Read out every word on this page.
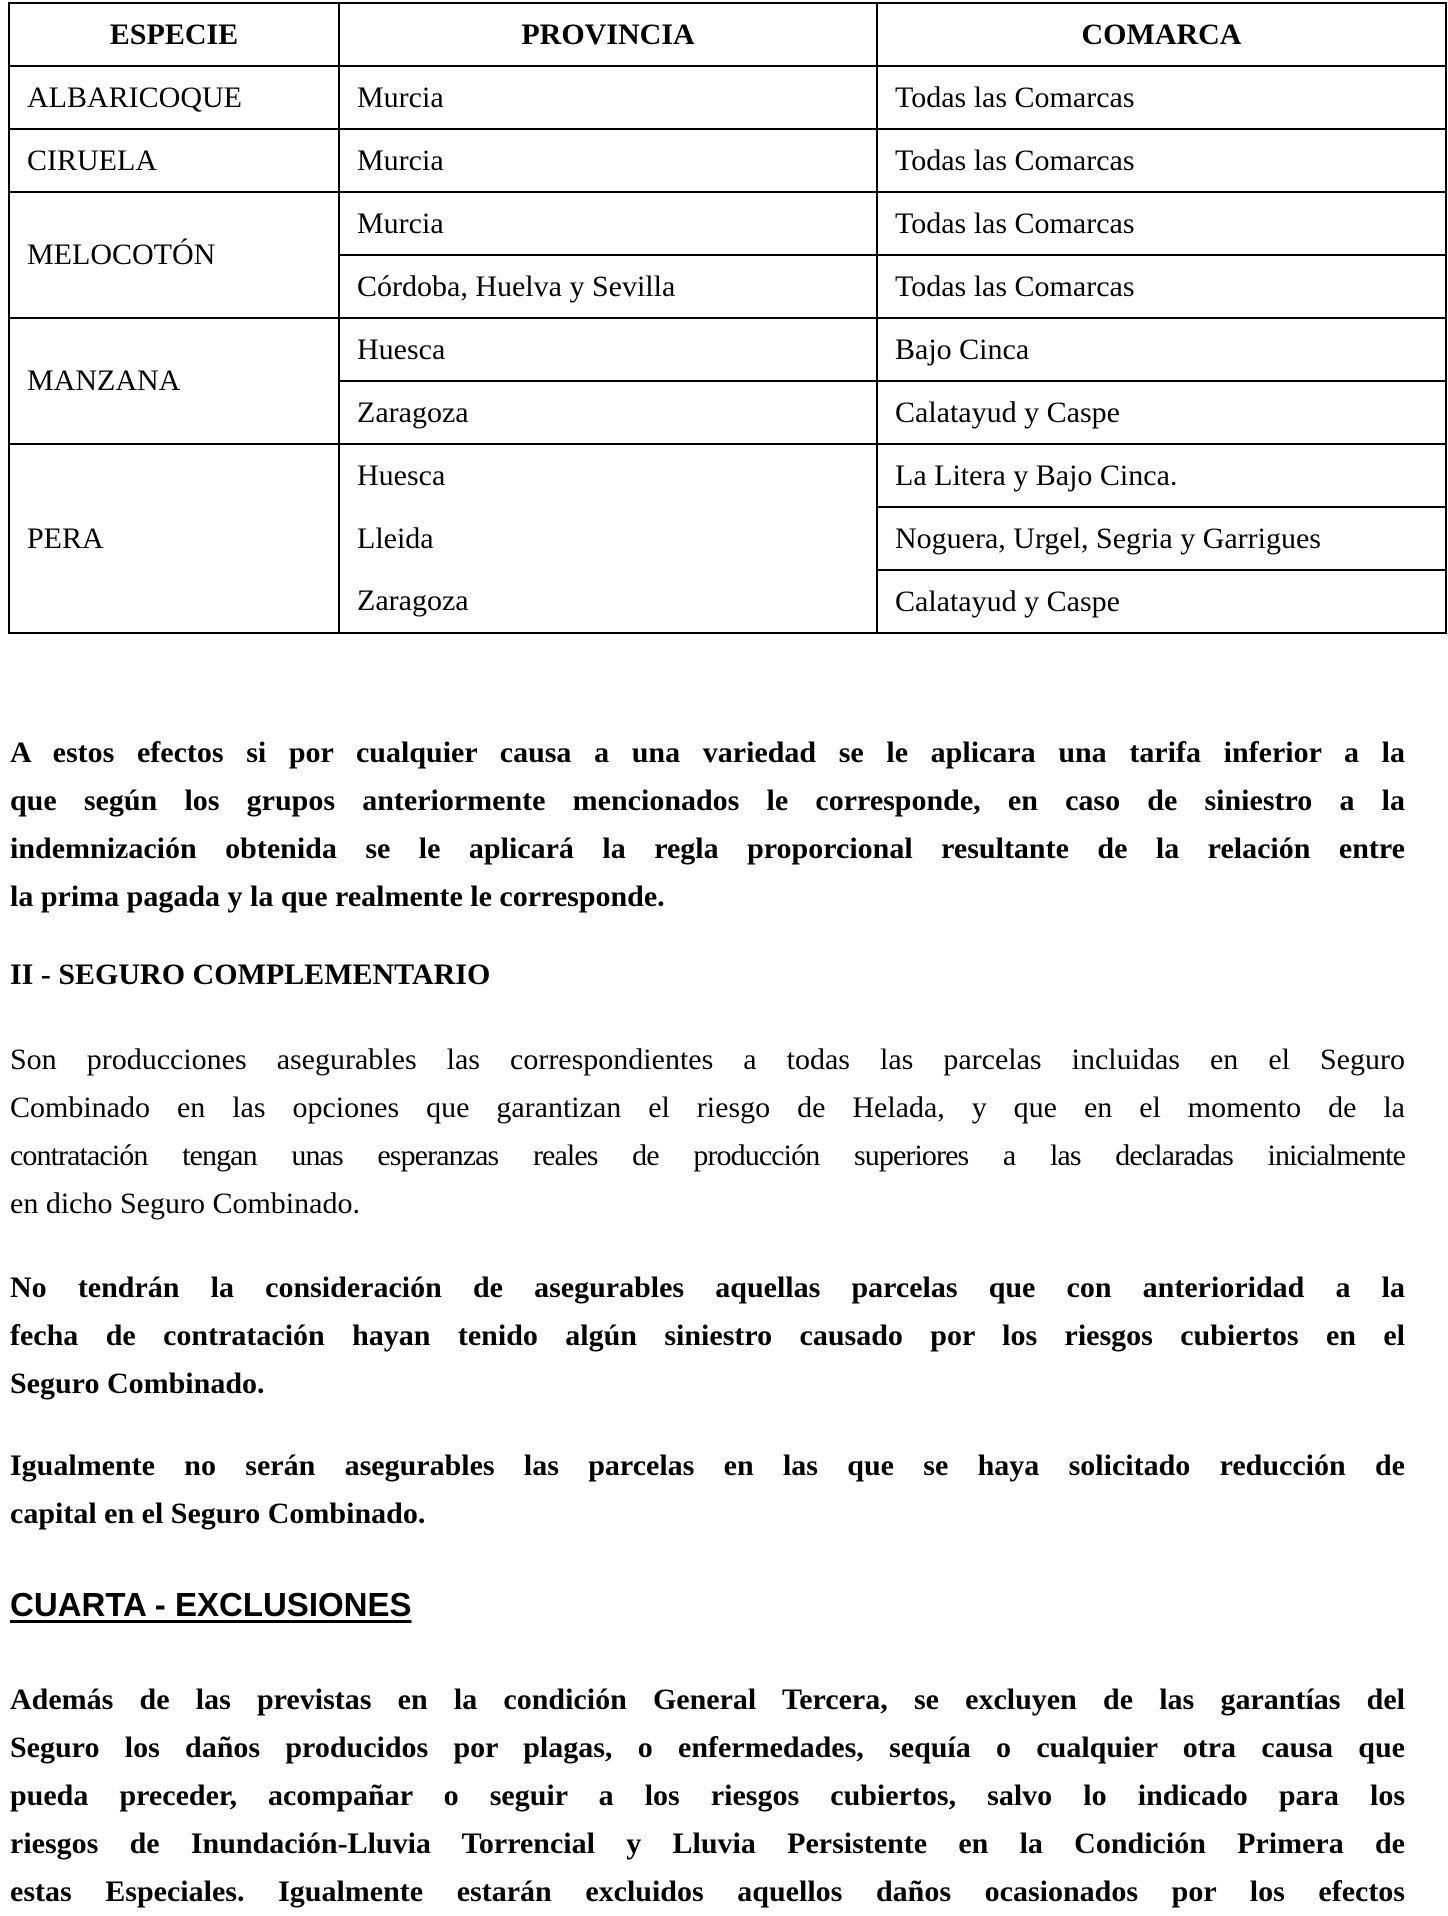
ESPECIE	PROVINCIA	COMARCA
ALBARICOQUE	Murcia	Todas las Comarcas
CIRUELA	Murcia	Todas las Comarcas
MELOCOTÓN	Murcia	Todas las Comarcas
	Córdoba, Huelva y Sevilla	Todas las Comarcas
MANZANA	Huesca	Bajo Cinca
	Zaragoza	Calatayud y Caspe
PERA	Huesca	La Litera y Bajo Cinca.
	Lleida	Noguera, Urgel, Segria y Garrigues
	Zaragoza	Calatayud y Caspe

A estos efectos si por cualquier causa a una variedad se le aplicara una tarifa inferior a la
que según los grupos anteriormente mencionados le corresponde, en caso de siniestro a la
indemnización obtenida se le aplicará la regla proporcional resultante de la relación entre
la prima pagada y la que realmente le corresponde.

II - SEGURO COMPLEMENTARIO

Son producciones asegurables las correspondientes a todas las parcelas incluidas en el Seguro
Combinado en las opciones que garantizan el riesgo de Helada, y que en el momento de la
contratación tengan unas esperanzas reales de producción superiores a las declaradas inicialmente
en dicho Seguro Combinado.

No tendrán la consideración de asegurables aquellas parcelas que con anterioridad a la
fecha de contratación hayan tenido algún siniestro causado por los riesgos cubiertos en el
Seguro Combinado.

Igualmente no serán asegurables las parcelas en las que se haya solicitado reducción de
capital en el Seguro Combinado.

CUARTA - EXCLUSIONES

Además de las previstas en la condición General Tercera, se excluyen de las garantías del
Seguro los daños producidos por plagas, o enfermedades, sequía o cualquier otra causa que
pueda preceder, acompañar o seguir a los riesgos cubiertos, salvo lo indicado para los
riesgos de Inundación-Lluvia Torrencial y Lluvia Persistente en la Condición Primera de
estas Especiales. Igualmente estarán excluidos aquellos daños ocasionados por los efectos
